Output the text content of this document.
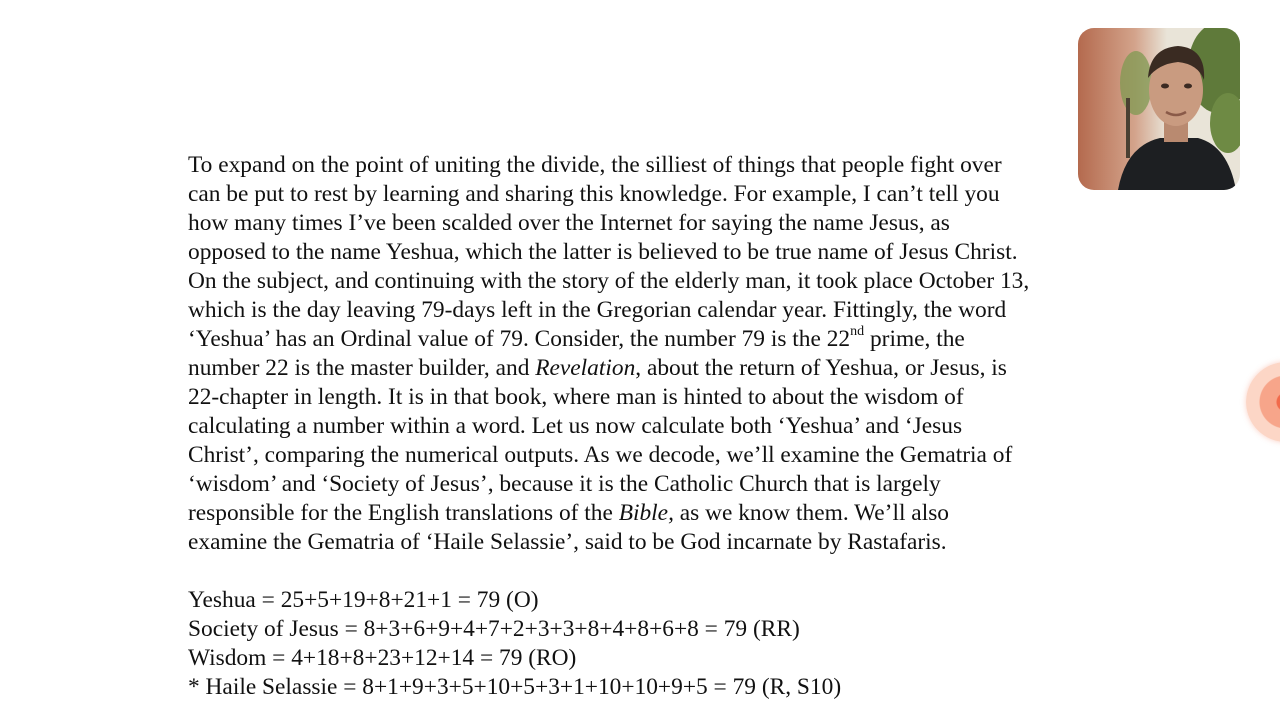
To expand on the point of uniting the divide, the silliest of things that people fight over
can be put to rest by learning and sharing this knowledge. For example, I can’t tell you
how many times I’ve been scalded over the Internet for saying the name Jesus, as
opposed to the name Yeshua, which the latter is believed to be true name of Jesus Christ.
On the subject, and continuing with the story of the elderly man, it took place October 13,
which is the day leaving 79-days left in the Gregorian calendar year. Fittingly, the word
‘Yeshua’ has an Ordinal value of 79. Consider, the number 79 is the 22nd prime, the
number 22 is the master builder, and Revelation, about the return of Yeshua, or Jesus, is
22-chapter in length. It is in that book, where man is hinted to about the wisdom of
calculating a number within a word. Let us now calculate both ‘Yeshua’ and ‘Jesus
Christ’, comparing the numerical outputs. As we decode, we’ll examine the Gematria of
‘wisdom’ and ‘Society of Jesus’, because it is the Catholic Church that is largely
responsible for the English translations of the Bible, as we know them. We’ll also
examine the Gematria of ‘Haile Selassie’, said to be God incarnate by Rastafaris.
Yeshua = 25+5+19+8+21+1 = 79 (O)
Society of Jesus = 8+3+6+9+4+7+2+3+3+8+4+8+6+8 = 79 (RR)
Wisdom = 4+18+8+23+12+14 = 79 (RO)
* Haile Selassie = 8+1+9+3+5+10+5+3+1+10+10+9+5 = 79 (R, S10)
